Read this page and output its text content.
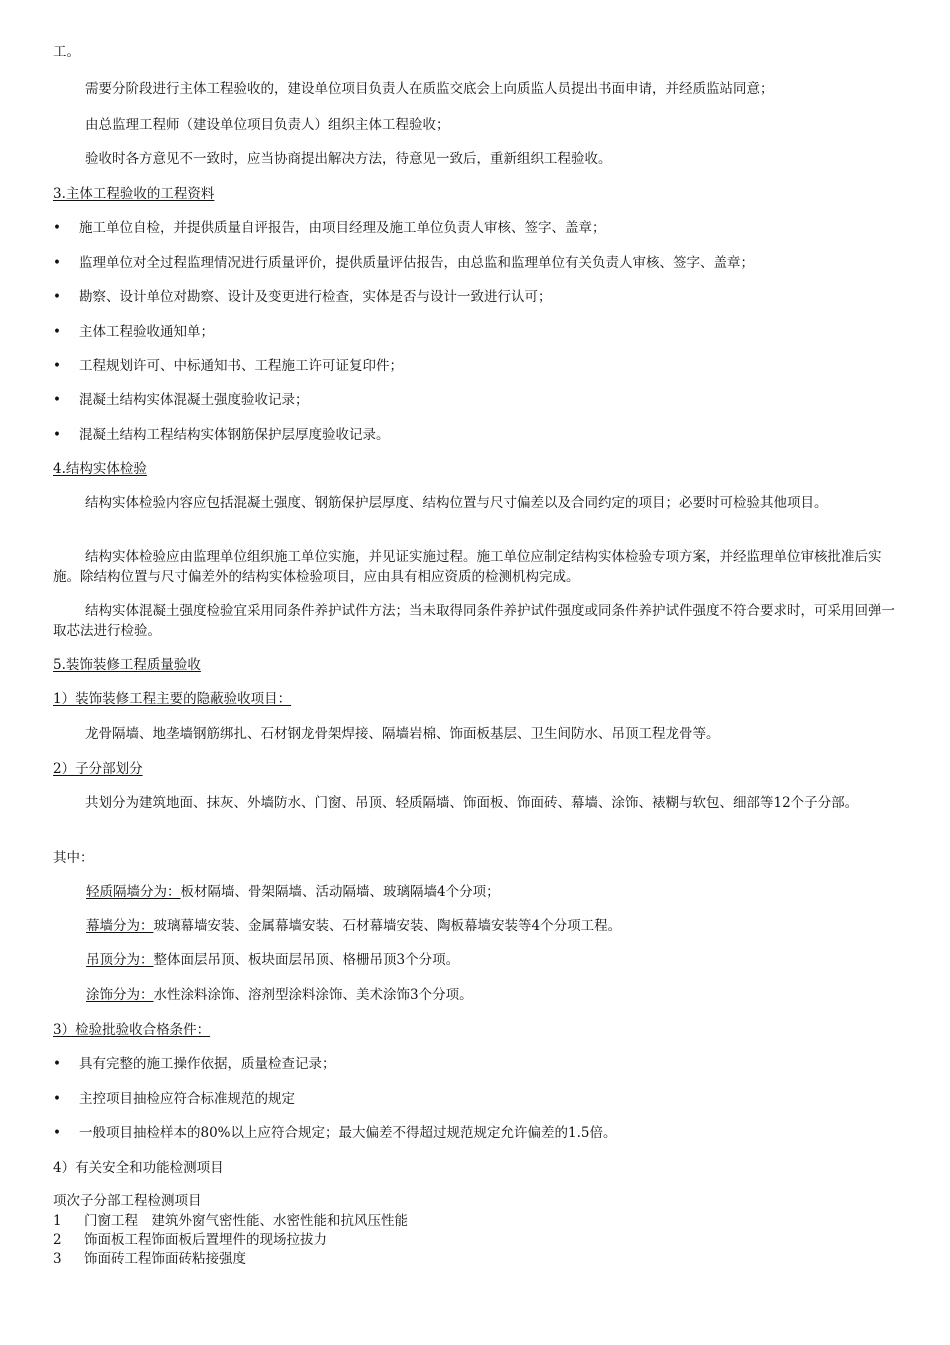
工。
需要分阶段进行主体工程验收的，建设单位项目负责人在质监交底会上向质监人员提出书面申请，并经质监站同意；
由总监理工程师（建设单位项目负责人）组织主体工程验收；
验收时各方意见不一致时，应当协商提出解决方法，待意见一致后，重新组织工程验收。
3.主体工程验收的工程资料
• 施工单位自检，并提供质量自评报告，由项目经理及施工单位负责人审核、签字、盖章；
• 监理单位对全过程监理情况进行质量评价，提供质量评估报告，由总监和监理单位有关负责人审核、签字、盖章；
• 勘察、设计单位对勘察、设计及变更进行检查，实体是否与设计一致进行认可；
• 主体工程验收通知单；
• 工程规划许可、中标通知书、工程施工许可证复印件；
• 混凝土结构实体混凝土强度验收记录；
• 混凝土结构工程结构实体钢筋保护层厚度验收记录。
4.结构实体检验
结构实体检验内容应包括混凝土强度、钢筋保护层厚度、结构位置与尺寸偏差以及合同约定的项目；必要时可检验其他项目。
结构实体检验应由监理单位组织施工单位实施，并见证实施过程。施工单位应制定结构实体检验专项方案，并经监理单位审核批准后实施。除结构位置与尺寸偏差外的结构实体检验项目，应由具有相应资质的检测机构完成。
结构实体混凝土强度检验宜采用同条件养护试件方法；当未取得同条件养护试件强度或同条件养护试件强度不符合要求时，可采用回弹一取芯法进行检验。
5.装饰装修工程质量验收
1）装饰装修工程主要的隐蔽验收项目：
龙骨隔墙、地垄墙钢筋绑扎、石材钢龙骨架焊接、隔墙岩棉、饰面板基层、卫生间防水、吊顶工程龙骨等。
2）子分部划分
共划分为建筑地面、抹灰、外墙防水、门窗、吊顶、轻质隔墙、饰面板、饰面砖、幕墙、涂饰、裱糊与软包、细部等12个子分部。
其中：
轻质隔墙分为：板材隔墙、骨架隔墙、活动隔墙、玻璃隔墙4个分项；
幕墙分为：玻璃幕墙安装、金属幕墙安装、石材幕墙安装、陶板幕墙安装等4个分项工程。
吊顶分为：整体面层吊顶、板块面层吊顶、格栅吊顶3个分项。
涂饰分为：水性涂料涂饰、溶剂型涂料涂饰、美术涂饰3个分项。
3）检验批验收合格条件：
• 具有完整的施工操作依据，质量检查记录；
• 主控项目抽检应符合标准规范的规定
• 一般项目抽检样本的80%以上应符合规定；最大偏差不得超过规范规定允许偏差的1.5倍。
4）有关安全和功能检测项目
项次子分部工程检测项目
1 门窗工程　建筑外窗气密性能、水密性能和抗风压性能
2 饰面板工程饰面板后置埋件的现场拉拔力
3 饰面砖工程饰面砖粘接强度
